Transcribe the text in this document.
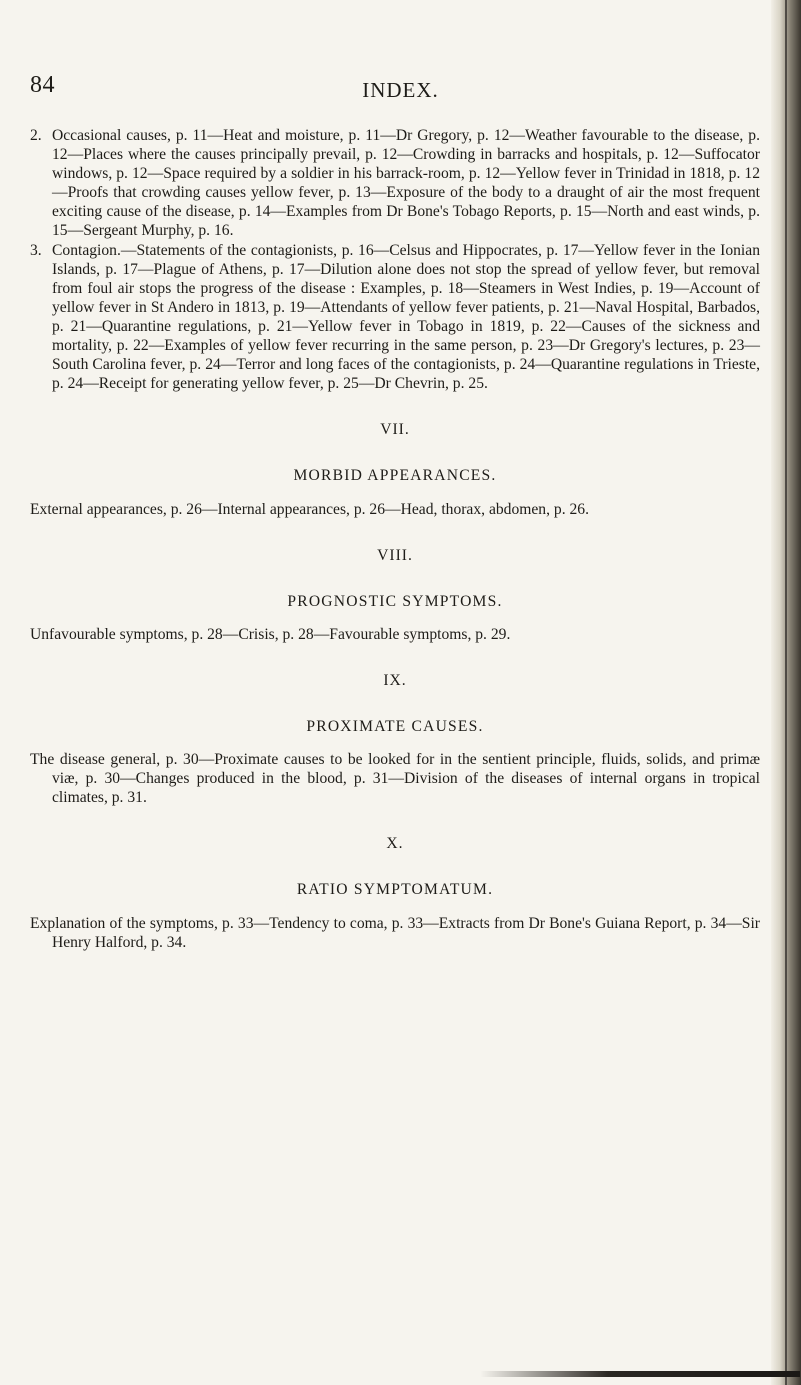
84	INDEX.

2. Occasional causes, p. 11—Heat and moisture, p. 11—Dr Gregory, p. 12—Weather favourable to the disease, p. 12—Places where the causes principally prevail, p. 12—Crowding in barracks and hospitals, p. 12—Suffocator windows, p. 12—Space required by a soldier in his barrack-room, p. 12—Yellow fever in Trinidad in 1818, p. 12—Proofs that crowding causes yellow fever, p. 13—Exposure of the body to a draught of air the most frequent exciting cause of the disease, p. 14—Examples from Dr Bone's Tobago Reports, p. 15—North and east winds, p. 15—Sergeant Murphy, p. 16.

3. Contagion.—Statements of the contagionists, p. 16—Celsus and Hippocrates, p. 17—Yellow fever in the Ionian Islands, p. 17—Plague of Athens, p. 17—Dilution alone does not stop the spread of yellow fever, but removal from foul air stops the progress of the disease : Examples, p. 18—Steamers in West Indies, p. 19—Account of yellow fever in St Andero in 1813, p. 19—Attendants of yellow fever patients, p. 21—Naval Hospital, Barbados, p. 21—Quarantine regulations, p. 21—Yellow fever in Tobago in 1819, p. 22—Causes of the sickness and mortality, p. 22—Examples of yellow fever recurring in the same person, p. 23—Dr Gregory's lectures, p. 23—South Carolina fever, p. 24—Terror and long faces of the contagionists, p. 24—Quarantine regulations in Trieste, p. 24—Receipt for generating yellow fever, p. 25—Dr Chevrin, p. 25.

VII.
MORBID APPEARANCES.

External appearances, p. 26—Internal appearances, p. 26—Head, thorax, abdomen, p. 26.

VIII.
PROGNOSTIC SYMPTOMS.

Unfavourable symptoms, p. 28—Crisis, p. 28—Favourable symptoms, p. 29.

IX.
PROXIMATE CAUSES.

The disease general, p. 30—Proximate causes to be looked for in the sentient principle, fluids, solids, and primæ viæ, p. 30—Changes produced in the blood, p. 31—Division of the diseases of internal organs in tropical climates, p. 31.

X.
RATIO SYMPTOMATUM.

Explanation of the symptoms, p. 33—Tendency to coma, p. 33—Extracts from Dr Bone's Guiana Report, p. 34—Sir Henry Halford, p. 34.
